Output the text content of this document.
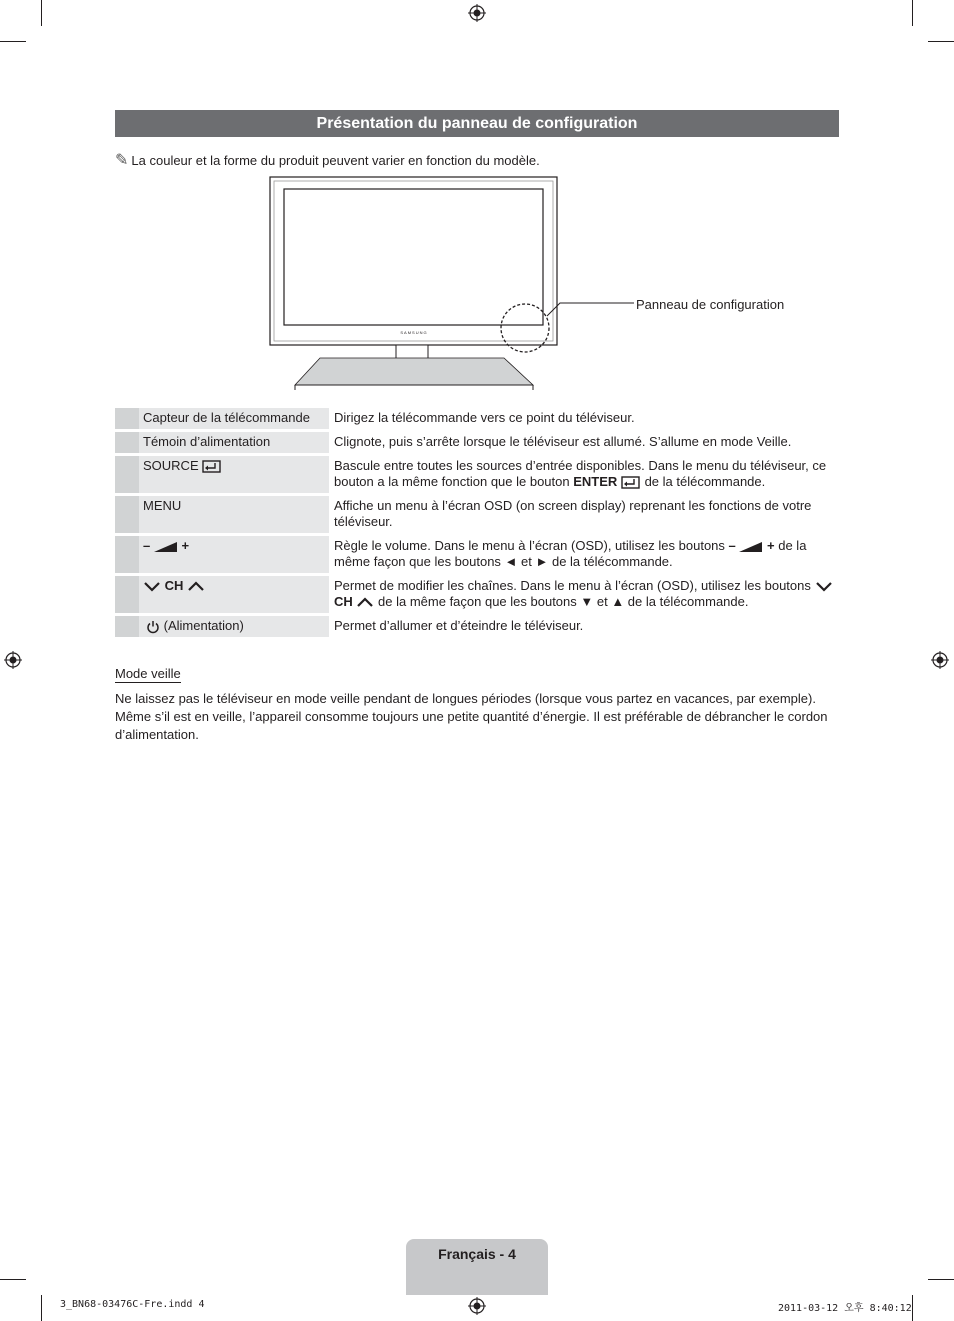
Présentation du panneau de configuration
✎ La couleur et la forme du produit peuvent varier en fonction du modèle.
SAMSUNG
Panneau de configuration
	Capteur de la télécommande	Dirigez la télécommande vers ce point du téléviseur.
	Témoin d’alimentation	Clignote, puis s’arrête lorsque le téléviseur est allumé. S’allume en mode Veille.
	SOURCE	Bascule entre toutes les sources d’entrée disponibles. Dans le menu du téléviseur, ce bouton a la même fonction que le bouton ENTER de la télécommande.
	MENU	Affiche un menu à l’écran OSD (on screen display) reprenant les fonctions de votre téléviseur.
	– +	Règle le volume. Dans le menu à l’écran (OSD), utilisez les boutons – + de la même façon que les boutons ◄ et ► de la télécommande.
	CH	Permet de modifier les chaînes. Dans le menu à l’écran (OSD), utilisez les boutons  CH de la même façon que les boutons ▼ et ▲ de la télécommande.
	(Alimentation)	Permet d’allumer et d’éteindre le téléviseur.
Mode veille
Ne laissez pas le téléviseur en mode veille pendant de longues périodes (lorsque vous partez en vacances, par exemple). Même s’il est en veille, l’appareil consomme toujours une petite quantité d’énergie. Il est préférable de débrancher le cordon d’alimentation.
Français - 4
3_BN68-03476C-Fre.indd 4	2011-03-12 오후 8:40:12
